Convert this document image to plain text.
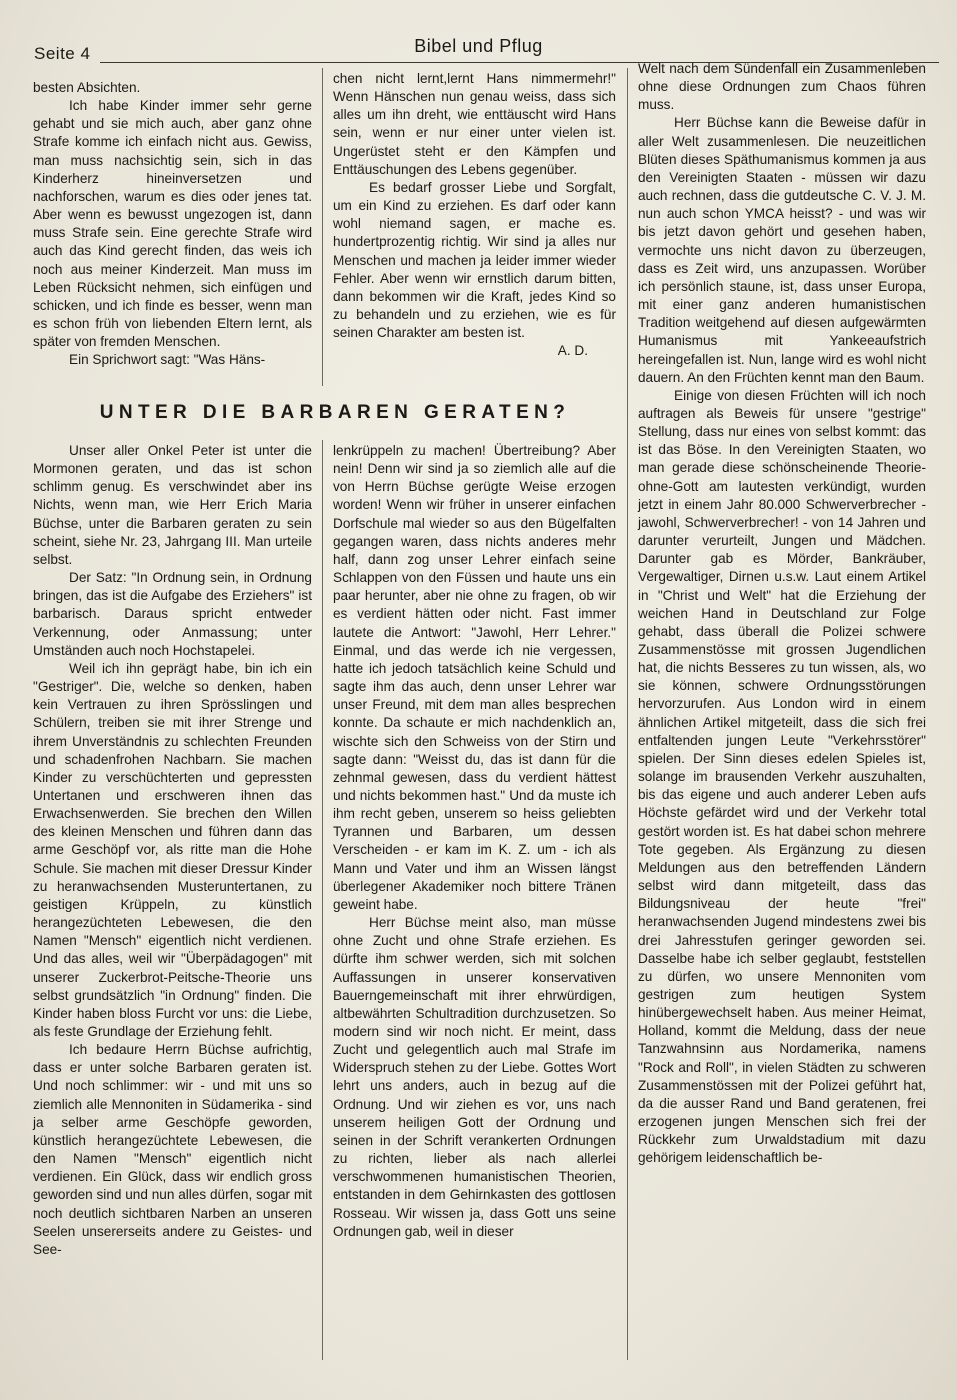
Seite 4	Bibel und Pflug

besten Absichten.

Ich habe Kinder immer sehr gerne gehabt und sie mich auch, aber ganz ohne Strafe komme ich einfach nicht aus. Gewiss, man muss nachsichtig sein, sich in das Kinderherz hineinversetzen und nachforschen, warum es dies oder jenes tat. Aber wenn es bewusst ungezogen ist, dann muss Strafe sein. Eine gerechte Strafe wird auch das Kind gerecht finden, das weis ich noch aus meiner Kinderzeit. Man muss im Leben Rücksicht nehmen, sich einfügen und schicken, und ich finde es besser, wenn man es schon früh von liebenden Eltern lernt, als später von fremden Menschen.

Ein Sprichwort sagt: "Was Häns-

chen nicht lernt,lernt Hans nimmermehr!" Wenn Hänschen nun genau weiss, dass sich alles um ihn dreht, wie enttäuscht wird Hans sein, wenn er nur einer unter vielen ist. Ungerüstet steht er den Kämpfen und Enttäuschungen des Lebens gegenüber.

Es bedarf grosser Liebe und Sorgfalt, um ein Kind zu erziehen. Es darf oder kann wohl niemand sagen, er mache es. hundertprozentig richtig. Wir sind ja alles nur Menschen und machen ja leider immer wieder Fehler. Aber wenn wir ernstlich darum bitten, dann bekommen wir die Kraft, jedes Kind so zu behandeln und zu erziehen, wie es für seinen Charakter am besten ist.

A. D.

UNTER DIE BARBAREN GERATEN?

Unser aller Onkel Peter ist unter die Mormonen geraten, und das ist schon schlimm genug. Es verschwindet aber ins Nichts, wenn man, wie Herr Erich Maria Büchse, unter die Barbaren geraten zu sein scheint, siehe Nr. 23, Jahrgang III. Man urteile selbst.

Der Satz: "In Ordnung sein, in Ordnung bringen, das ist die Aufgabe des Erziehers" ist barbarisch. Daraus spricht entweder Verkennung, oder Anmassung; unter Umständen auch noch Hochstapelei.

Weil ich ihn geprägt habe, bin ich ein "Gestriger". Die, welche so denken, haben kein Vertrauen zu ihren Sprösslingen und Schülern, treiben sie mit ihrer Strenge und ihrem Unverständnis zu schlechten Freunden und schadenfrohen Nachbarn. Sie machen Kinder zu verschüchterten und gepressten Untertanen und erschweren ihnen das Erwachsenwerden. Sie brechen den Willen des kleinen Menschen und führen dann das arme Geschöpf vor, als ritte man die Hohe Schule. Sie machen mit dieser Dressur Kinder zu heranwachsenden Musteruntertanen, zu geistigen Krüppeln, zu künstlich herangezüchteten Lebewesen, die den Namen "Mensch" eigentlich nicht verdienen. Und das alles, weil wir "Überpädagogen" mit unserer Zuckerbrot-Peitsche-Theorie uns selbst grundsätzlich "in Ordnung" finden. Die Kinder haben bloss Furcht vor uns: die Liebe, als feste Grundlage der Erziehung fehlt.

Ich bedaure Herrn Büchse aufrichtig, dass er unter solche Barbaren geraten ist. Und noch schlimmer: wir - und mit uns so ziemlich alle Mennoniten in Südamerika - sind ja selber arme Geschöpfe geworden, künstlich herangezüchtete Lebewesen, die den Namen "Mensch" eigentlich nicht verdienen. Ein Glück, dass wir endlich gross geworden sind und nun alles dürfen, sogar mit noch deutlich sichtbaren Narben an unseren Seelen unsererseits andere zu Geistes- und See-

lenkrüppeln zu machen! Übertreibung? Aber nein! Denn wir sind ja so ziemlich alle auf die von Herrn Büchse gerügte Weise erzogen worden! Wenn wir früher in unserer einfachen Dorfschule mal wieder so aus den Bügelfalten gegangen waren, dass nichts anderes mehr half, dann zog unser Lehrer einfach seine Schlappen von den Füssen und haute uns ein paar herunter, aber nie ohne zu fragen, ob wir es verdient hätten oder nicht. Fast immer lautete die Antwort: "Jawohl, Herr Lehrer." Einmal, und das werde ich nie vergessen, hatte ich jedoch tatsächlich keine Schuld und sagte ihm das auch, denn unser Lehrer war unser Freund, mit dem man alles besprechen konnte. Da schaute er mich nachdenklich an, wischte sich den Schweiss von der Stirn und sagte dann: "Weisst du, das ist dann für die zehnmal gewesen, dass du verdient hättest und nichts bekommen hast." Und da muste ich ihm recht geben, unserem so heiss geliebten Tyrannen und Barbaren, um dessen Verscheiden - er kam im K. Z. um - ich als Mann und Vater und ihm an Wissen längst überlegener Akademiker noch bittere Tränen geweint habe.

Herr Büchse meint also, man müsse ohne Zucht und ohne Strafe erziehen. Es dürfte ihm schwer werden, sich mit solchen Auffassungen in unserer konservativen Bauerngemeinschaft mit ihrer ehrwürdigen, altbewährten Schultradition durchzusetzen. So modern sind wir noch nicht. Er meint, dass Zucht und gelegentlich auch mal Strafe im Widerspruch stehen zu der Liebe. Gottes Wort lehrt uns anders, auch in bezug auf die Ordnung. Und wir ziehen es vor, uns nach unserem heiligen Gott der Ordnung und seinen in der Schrift verankerten Ordnungen zu richten, lieber als nach allerlei verschwommenen humanistischen Theorien, entstanden in dem Gehirnkasten des gottlosen Rosseau. Wir wissen ja, dass Gott uns seine Ordnungen gab, weil in dieser

Welt nach dem Sündenfall ein Zusammenleben ohne diese Ordnungen zum Chaos führen muss.

Herr Büchse kann die Beweise dafür in aller Welt zusammenlesen. Die neuzeitlichen Blüten dieses Späthumanismus kommen ja aus den Vereinigten Staaten - müssen wir dazu auch rechnen, dass die gutdeutsche C. V. J. M. nun auch schon YMCA heisst? - und was wir bis jetzt davon gehört und gesehen haben, vermochte uns nicht davon zu überzeugen, dass es Zeit wird, uns anzupassen. Worüber ich persönlich staune, ist, dass unser Europa, mit einer ganz anderen humanistischen Tradition weitgehend auf diesen aufgewärmten Humanismus mit Yankeeaufstrich hereingefallen ist. Nun, lange wird es wohl nicht dauern. An den Früchten kennt man den Baum.

Einige von diesen Früchten will ich noch auftragen als Beweis für unsere "gestrige" Stellung, dass nur eines von selbst kommt: das ist das Böse. In den Vereinigten Staaten, wo man gerade diese schönscheinende Theorie-ohne-Gott am lautesten verkündigt, wurden jetzt in einem Jahr 80.000 Schwerverbrecher - jawohl, Schwerverbrecher! - von 14 Jahren und darunter verurteilt, Jungen und Mädchen. Darunter gab es Mörder, Bankräuber, Vergewaltiger, Dirnen u.s.w. Laut einem Artikel in "Christ und Welt" hat die Erziehung der weichen Hand in Deutschland zur Folge gehabt, dass überall die Polizei schwere Zusammenstösse mit grossen Jugendlichen hat, die nichts Besseres zu tun wissen, als, wo sie können, schwere Ordnungsstörungen hervorzurufen. Aus London wird in einem ähnlichen Artikel mitgeteilt, dass die sich frei entfaltenden jungen Leute "Verkehrsstörer" spielen. Der Sinn dieses edelen Spieles ist, solange im brausenden Verkehr auszuhalten, bis das eigene und auch anderer Leben aufs Höchste gefärdet wird und der Verkehr total gestört worden ist. Es hat dabei schon mehrere Tote gegeben. Als Ergänzung zu diesen Meldungen aus den betreffenden Ländern selbst wird dann mitgeteilt, dass das Bildungsniveau der heute "frei" heranwachsenden Jugend mindestens zwei bis drei Jahresstufen geringer geworden sei. Dasselbe habe ich selber geglaubt, feststellen zu dürfen, wo unsere Mennoniten vom gestrigen zum heutigen System hinübergewechselt haben. Aus meiner Heimat, Holland, kommt die Meldung, dass der neue Tanzwahnsinn aus Nordamerika, namens "Rock and Roll", in vielen Städten zu schweren Zusammenstössen mit der Polizei geführt hat, da die ausser Rand und Band geratenen, frei erzogenen jungen Menschen sich frei der Rückkehr zum Urwaldstadium mit dazu gehörigem leidenschaftlich be-
